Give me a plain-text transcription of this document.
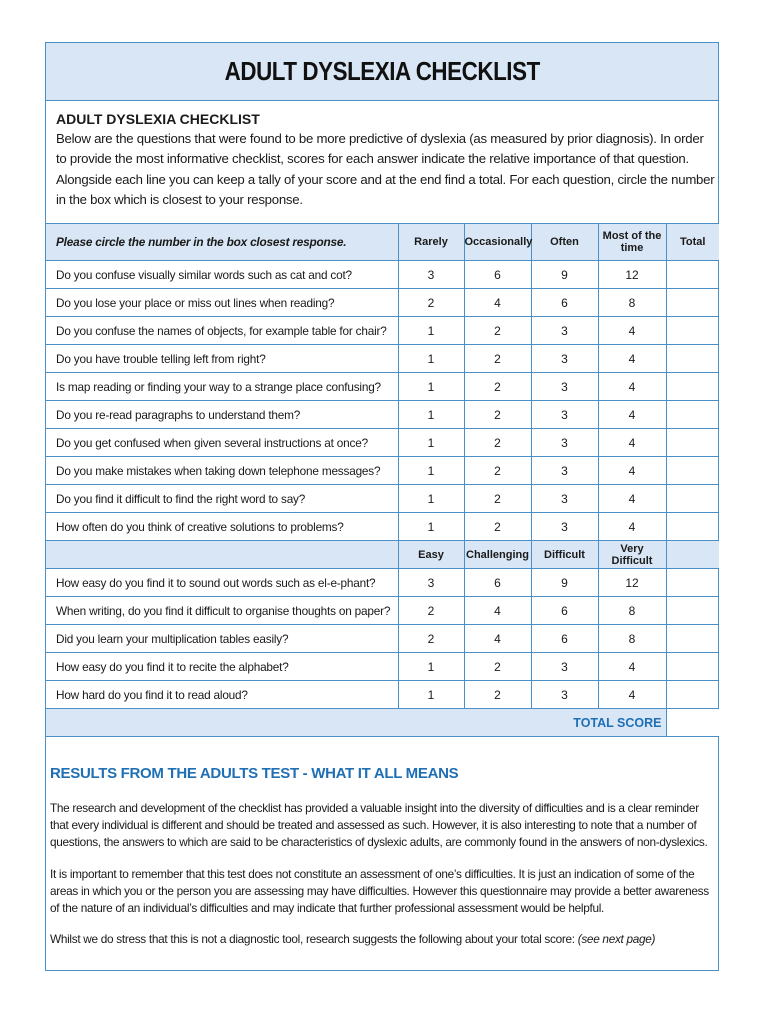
ADULT DYSLEXIA CHECKLIST
ADULT DYSLEXIA CHECKLIST

Below are the questions that were found to be more predictive of dyslexia (as measured by prior diagnosis). In order to provide the most informative checklist, scores for each answer indicate the relative importance of that question. Alongside each line you can keep a tally of your score and at the end find a total. For each question, circle the number in the box which is closest to your response.

Please circle the number in the box closest response.	Rarely	Occasionally	Often	Most of the time	Total
Do you confuse visually similar words such as cat and cot?	3	6	9	12	
Do you lose your place or miss out lines when reading?	2	4	6	8	
Do you confuse the names of objects, for example table for chair?	1	2	3	4	
Do you have trouble telling left from right?	1	2	3	4	
Is map reading or finding your way to a strange place confusing?	1	2	3	4	
Do you re-read paragraphs to understand them?	1	2	3	4	
Do you get confused when given several instructions at once?	1	2	3	4	
Do you make mistakes when taking down telephone messages?	1	2	3	4	
Do you find it difficult to find the right word to say?	1	2	3	4	
How often do you think of creative solutions to problems?	1	2	3	4	
	Easy	Challenging	Difficult	Very Difficult	
How easy do you find it to sound out words such as el-e-phant?	3	6	9	12	
When writing, do you find it difficult to organise thoughts on paper?	2	4	6	8	
Did you learn your multiplication tables easily?	2	4	6	8	
How easy do you find it to recite the alphabet?	1	2	3	4	
How hard do you find it to read aloud?	1	2	3	4	
TOTAL SCORE					
RESULTS FROM THE ADULTS TEST - WHAT IT ALL MEANS

The research and development of the checklist has provided a valuable insight into the diversity of difficulties and is a clear reminder that every individual is different and should be treated and assessed as such. However, it is also interesting to note that a number of questions, the answers to which are said to be characteristics of dyslexic adults, are commonly found in the answers of non-dyslexics.

It is important to remember that this test does not constitute an assessment of one’s difficulties. It is just an indication of some of the areas in which you or the person you are assessing may have difficulties. However this questionnaire may provide a better awareness of the nature of an individual’s difficulties and may indicate that further professional assessment would be helpful.

Whilst we do stress that this is not a diagnostic tool, research suggests the following about your total score: (see next page)
